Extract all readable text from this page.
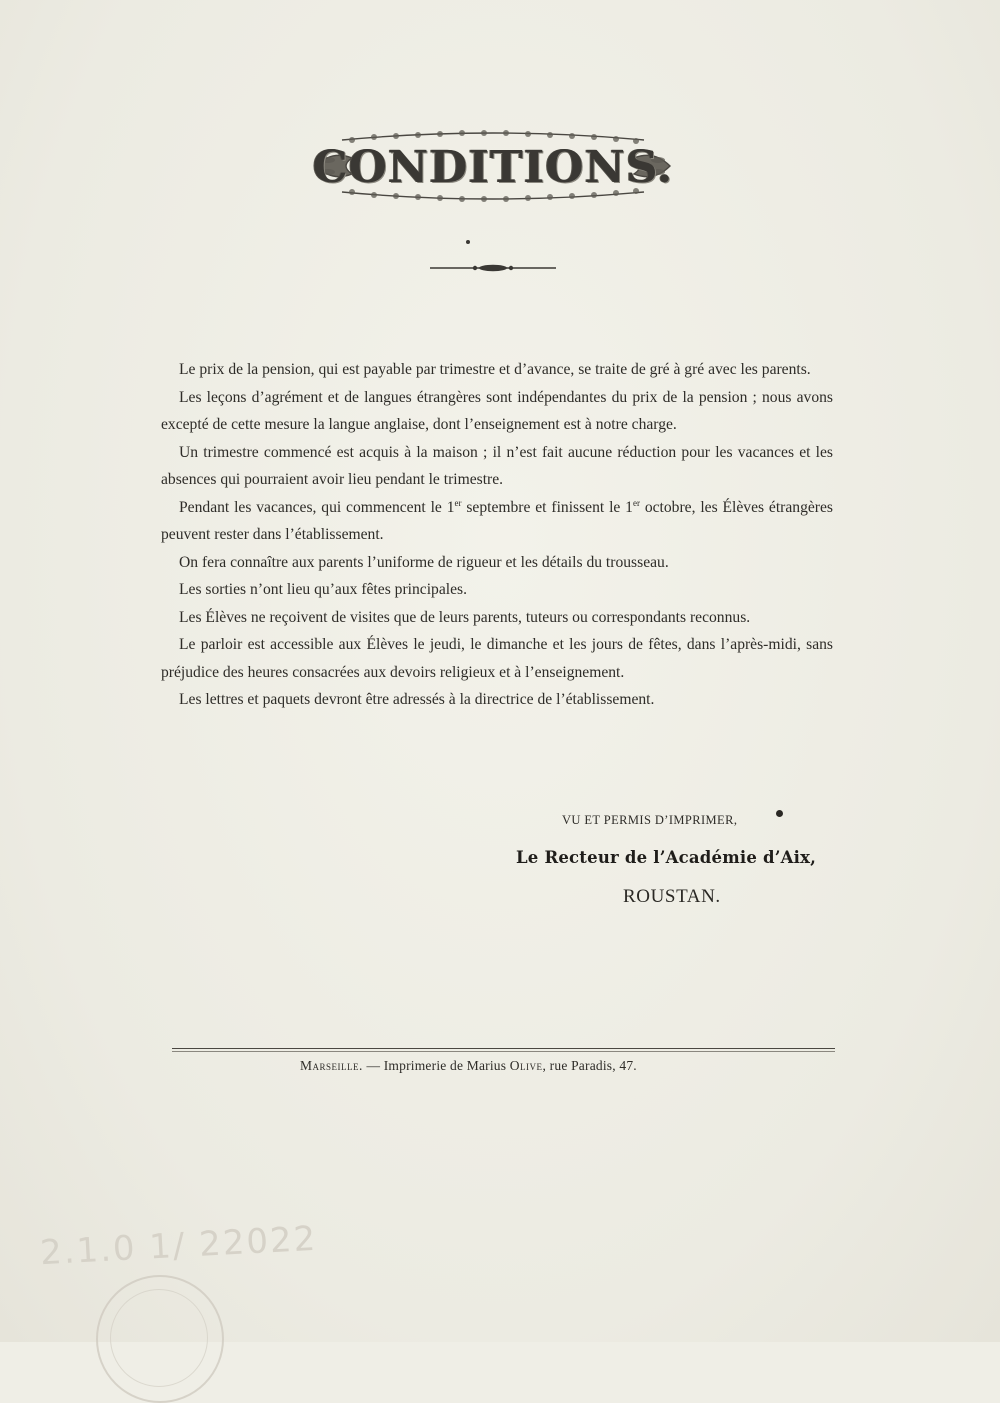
CONDITIONS.

Le prix de la pension, qui est payable par trimestre et d’avance, se traite de gré à gré avec les parents.

Les leçons d’agrément et de langues étrangères sont indépendantes du prix de la pension ; nous avons excepté de cette mesure la langue anglaise, dont l’enseignement est à notre charge.

Un trimestre commencé est acquis à la maison ; il n’est fait aucune réduction pour les vacances et les absences qui pourraient avoir lieu pendant le trimestre.

Pendant les vacances, qui commencent le 1er septembre et finissent le 1er octobre, les Élèves étrangères peuvent rester dans l’établissement.

On fera connaître aux parents l’uniforme de rigueur et les détails du trousseau.

Les sorties n’ont lieu qu’aux fêtes principales.

Les Élèves ne reçoivent de visites que de leurs parents, tuteurs ou correspondants reconnus.

Le parloir est accessible aux Élèves le jeudi, le dimanche et les jours de fêtes, dans l’après-midi, sans préjudice des heures consacrées aux devoirs religieux et à l’enseignement.

Les lettres et paquets devront être adressés à la directrice de l’établissement.

VU ET PERMIS D’IMPRIMER,
Le Recteur de l’Académie d’Aix,
ROUSTAN.
Marseille. — Imprimerie de Marius Olive, rue Paradis, 47.
2.1.0 1/ 22022
